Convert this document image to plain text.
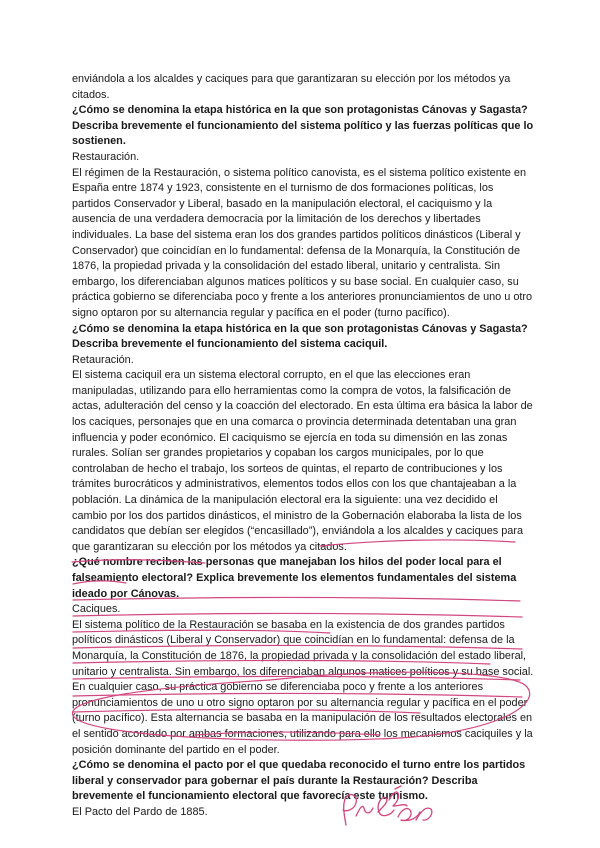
enviándola a los alcaldes y caciques para que garantizaran su elección por los métodos ya citados.

¿Cómo se denomina la etapa histórica en la que son protagonistas Cánovas y Sagasta? Describa brevemente el funcionamiento del sistema político y las fuerzas políticas que lo sostienen.

Restauración.

El régimen de la Restauración, o sistema político canovista, es el sistema político existente en España entre 1874 y 1923, consistente en el turnismo de dos formaciones políticas, los partidos Conservador y Liberal, basado en la manipulación electoral, el caciquismo y la ausencia de una verdadera democracia por la limitación de los derechos y libertades individuales. La base del sistema eran los dos grandes partidos políticos dinásticos (Liberal y Conservador) que coincidían en lo fundamental: defensa de la Monarquía, la Constitución de 1876, la propiedad privada y la consolidación del estado liberal, unitario y centralista. Sin embargo, los diferenciaban algunos matices políticos y su base social. En cualquier caso, su práctica gobierno se diferenciaba poco y frente a los anteriores pronunciamientos de uno u otro signo optaron por su alternancia regular y pacífica en el poder (turno pacífico).

¿Cómo se denomina la etapa histórica en la que son protagonistas Cánovas y Sagasta? Describa brevemente el funcionamiento del sistema caciquil.

Retauración.

El sistema caciquil era un sistema electoral corrupto, en el que las elecciones eran manipuladas, utilizando para ello herramientas como la compra de votos, la falsificación de actas, adulteración del censo y la coacción del electorado. En esta última era básica la labor de los caciques, personajes que en una comarca o provincia determinada detentaban una gran influencia y poder económico. El caciquismo se ejercía en toda su dimensión en las zonas rurales. Solían ser grandes propietarios y copaban los cargos municipales, por lo que controlaban de hecho el trabajo, los sorteos de quintas, el reparto de contribuciones y los trámites burocráticos y administrativos, elementos todos ellos con los que chantajeaban a la población. La dinámica de la manipulación electoral era la siguiente: una vez decidido el cambio por los dos partidos dinásticos, el ministro de la Gobernación elaboraba la lista de los candidatos que debían ser elegidos (“encasillado”), enviándola a los alcaldes y caciques para que garantizaran su elección por los métodos ya citados.

¿Qué nombre reciben las personas que manejaban los hilos del poder local para el falseamiento electoral? Explica brevemente los elementos fundamentales del sistema ideado por Cánovas.

Caciques.

El sistema político de la Restauración se basaba en la existencia de dos grandes partidos políticos dinásticos (Liberal y Conservador) que coincidían en lo fundamental: defensa de la Monarquía, la Constitución de 1876, la propiedad privada y la consolidación del estado liberal, unitario y centralista. Sin embargo, los diferenciaban algunos matices políticos y su base social. En cualquier caso, su práctica gobierno se diferenciaba poco y frente a los anteriores pronunciamientos de uno u otro signo optaron por su alternancia regular y pacífica en el poder (turno pacífico). Esta alternancia se basaba en la manipulación de los resultados electorales en el sentido acordado por ambas formaciones, utilizando para ello los mecanismos caciquiles y la posición dominante del partido en el poder.

¿Cómo se denomina el pacto por el que quedaba reconocido el turno entre los partidos liberal y conservador para gobernar el país durante la Restauración? Describa brevemente el funcionamiento electoral que favorecía este turnismo.

El Pacto del Pardo de 1885.
